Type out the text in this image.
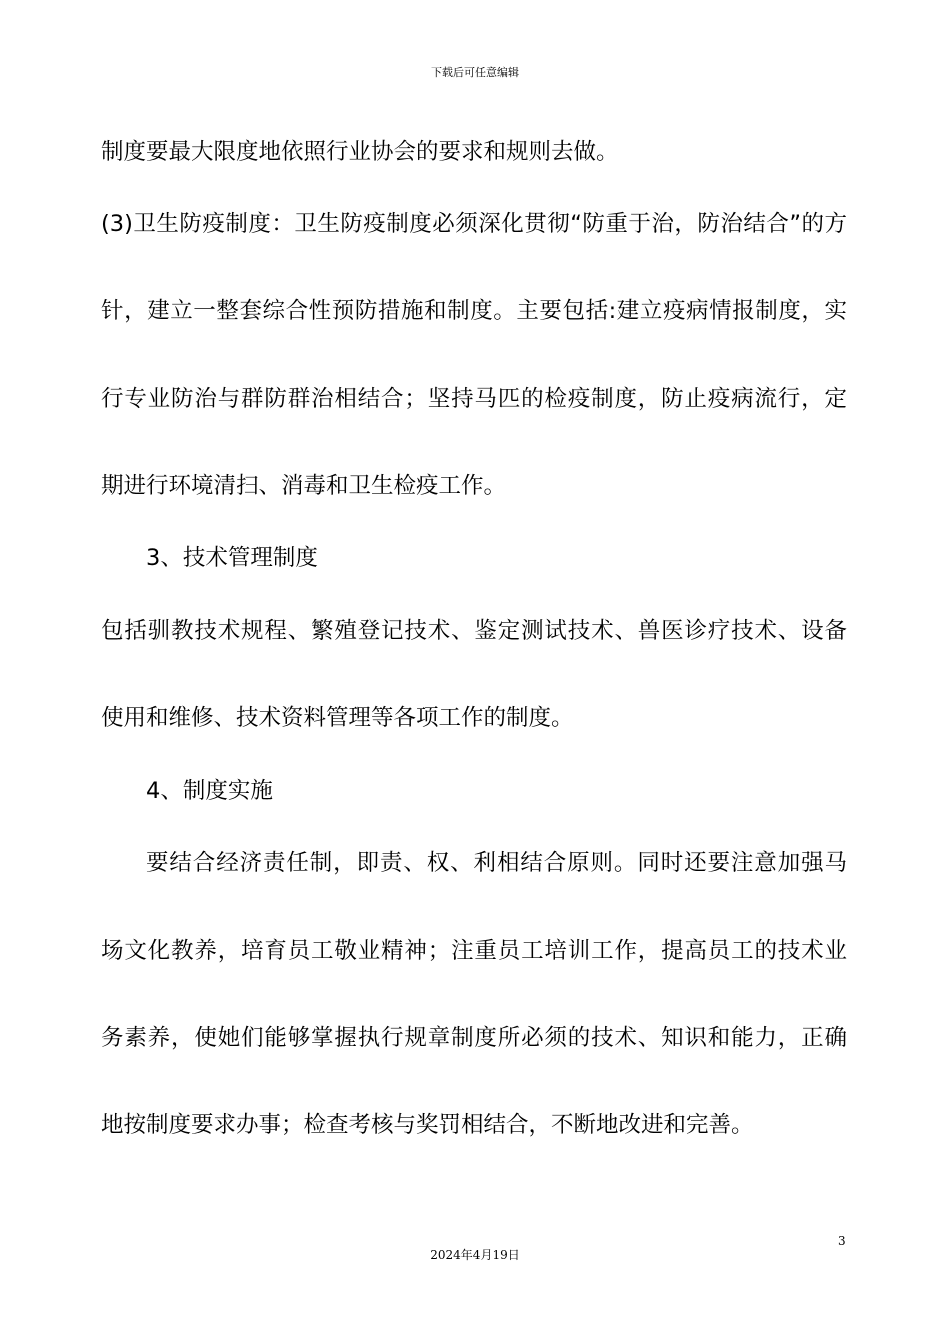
下载后可任意编辑
制度要最大限度地依照行业协会的要求和规则去做。
(3)卫生防疫制度：卫生防疫制度必须深化贯彻“防重于治，防治结合”的方
针，建立一整套综合性预防措施和制度。主要包括:建立疫病情报制度，实
行专业防治与群防群治相结合；坚持马匹的检疫制度，防止疫病流行，定
期进行环境清扫、消毒和卫生检疫工作。
3、技术管理制度
包括驯教技术规程、繁殖登记技术、鉴定测试技术、兽医诊疗技术、设备
使用和维修、技术资料管理等各项工作的制度。
4、制度实施
要结合经济责任制，即责、权、利相结合原则。同时还要注意加强马
场文化教养，培育员工敬业精神；注重员工培训工作，提高员工的技术业
务素养，使她们能够掌握执行规章制度所必须的技术、知识和能力，正确
地按制度要求办事；检查考核与奖罚相结合，不断地改进和完善。
3
2024年4月19日
